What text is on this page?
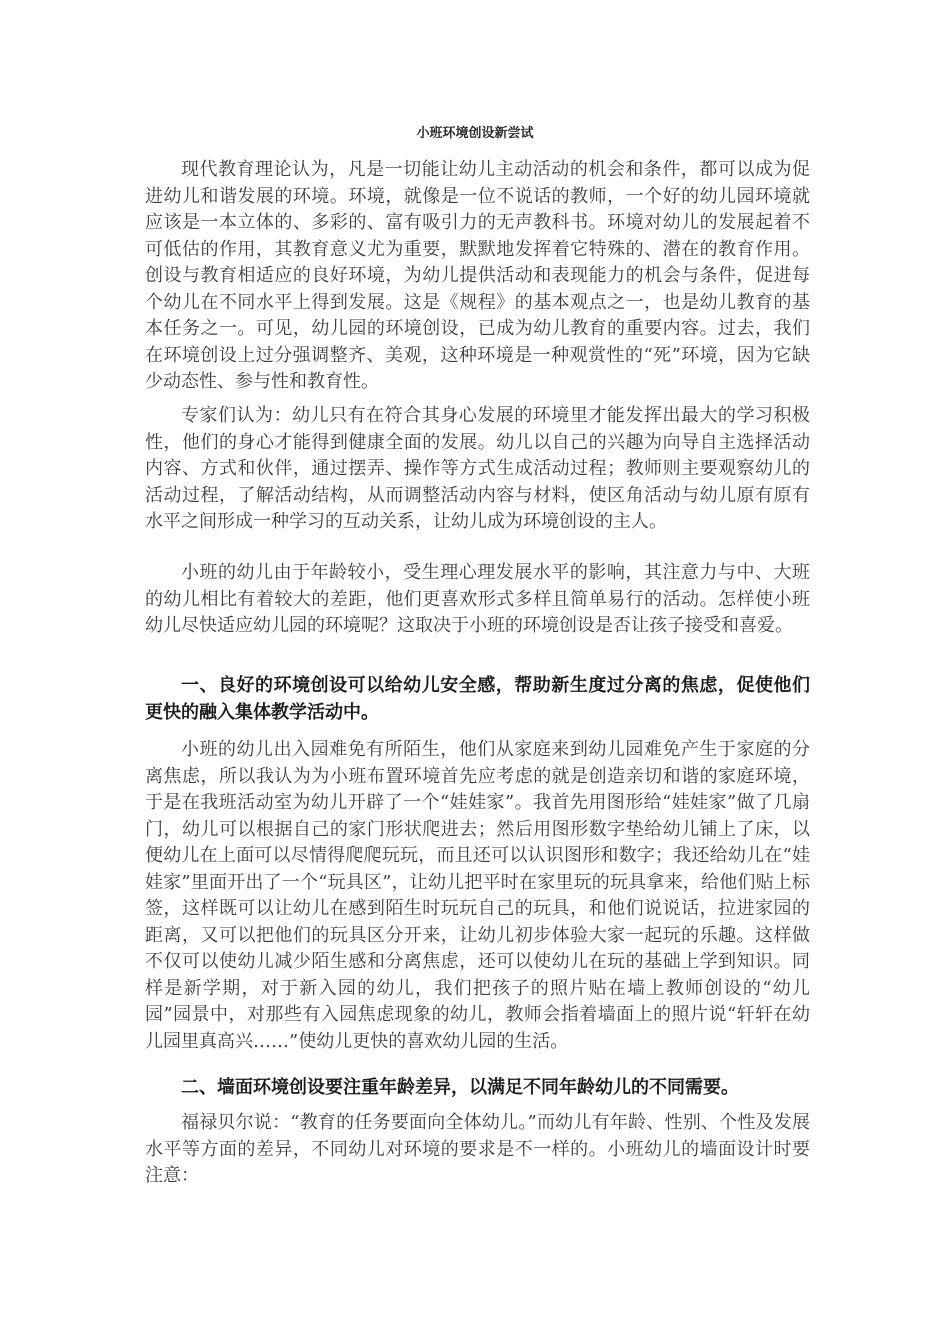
小班环境创设新尝试

现代教育理论认为，凡是一切能让幼儿主动活动的机会和条件，都可以成为促进幼儿和谐发展的环境。环境，就像是一位不说话的教师，一个好的幼儿园环境就应该是一本立体的、多彩的、富有吸引力的无声教科书。环境对幼儿的发展起着不可低估的作用，其教育意义尤为重要，默默地发挥着它特殊的、潜在的教育作用。创设与教育相适应的良好环境，为幼儿提供活动和表现能力的机会与条件，促进每个幼儿在不同水平上得到发展。这是《规程》的基本观点之一，也是幼儿教育的基本任务之一。可见，幼儿园的环境创设，已成为幼儿教育的重要内容。过去，我们在环境创设上过分强调整齐、美观，这种环境是一种观赏性的“死”环境，因为它缺少动态性、参与性和教育性。

专家们认为：幼儿只有在符合其身心发展的环境里才能发挥出最大的学习积极性，他们的身心才能得到健康全面的发展。幼儿以自己的兴趣为向导自主选择活动内容、方式和伙伴，通过摆弄、操作等方式生成活动过程；教师则主要观察幼儿的活动过程，了解活动结构，从而调整活动内容与材料，使区角活动与幼儿原有原有水平之间形成一种学习的互动关系，让幼儿成为环境创设的主人。

小班的幼儿由于年龄较小，受生理心理发展水平的影响，其注意力与中、大班的幼儿相比有着较大的差距，他们更喜欢形式多样且简单易行的活动。怎样使小班幼儿尽快适应幼儿园的环境呢？这取决于小班的环境创设是否让孩子接受和喜爱。

一、良好的环境创设可以给幼儿安全感，帮助新生度过分离的焦虑，促使他们更快的融入集体教学活动中。

小班的幼儿出入园难免有所陌生，他们从家庭来到幼儿园难免产生于家庭的分离焦虑，所以我认为为小班布置环境首先应考虑的就是创造亲切和谐的家庭环境，于是在我班活动室为幼儿开辟了一个“娃娃家”。我首先用图形给“娃娃家”做了几扇门，幼儿可以根据自己的家门形状爬进去；然后用图形数字垫给幼儿铺上了床，以便幼儿在上面可以尽情得爬爬玩玩，而且还可以认识图形和数字；我还给幼儿在“娃娃家”里面开出了一个“玩具区”，让幼儿把平时在家里玩的玩具拿来，给他们贴上标签，这样既可以让幼儿在感到陌生时玩玩自己的玩具，和他们说说话，拉进家园的距离，又可以把他们的玩具区分开来，让幼儿初步体验大家一起玩的乐趣。这样做不仅可以使幼儿减少陌生感和分离焦虑，还可以使幼儿在玩的基础上学到知识。同样是新学期，对于新入园的幼儿，我们把孩子的照片贴在墙上教师创设的“幼儿园”园景中，对那些有入园焦虑现象的幼儿，教师会指着墙面上的照片说“轩轩在幼儿园里真高兴……”使幼儿更快的喜欢幼儿园的生活。

二、墙面环境创设要注重年龄差异，以满足不同年龄幼儿的不同需要。

福禄贝尔说：“教育的任务要面向全体幼儿。”而幼儿有年龄、性别、个性及发展水平等方面的差异，不同幼儿对环境的要求是不一样的。小班幼儿的墙面设计时要注意：
